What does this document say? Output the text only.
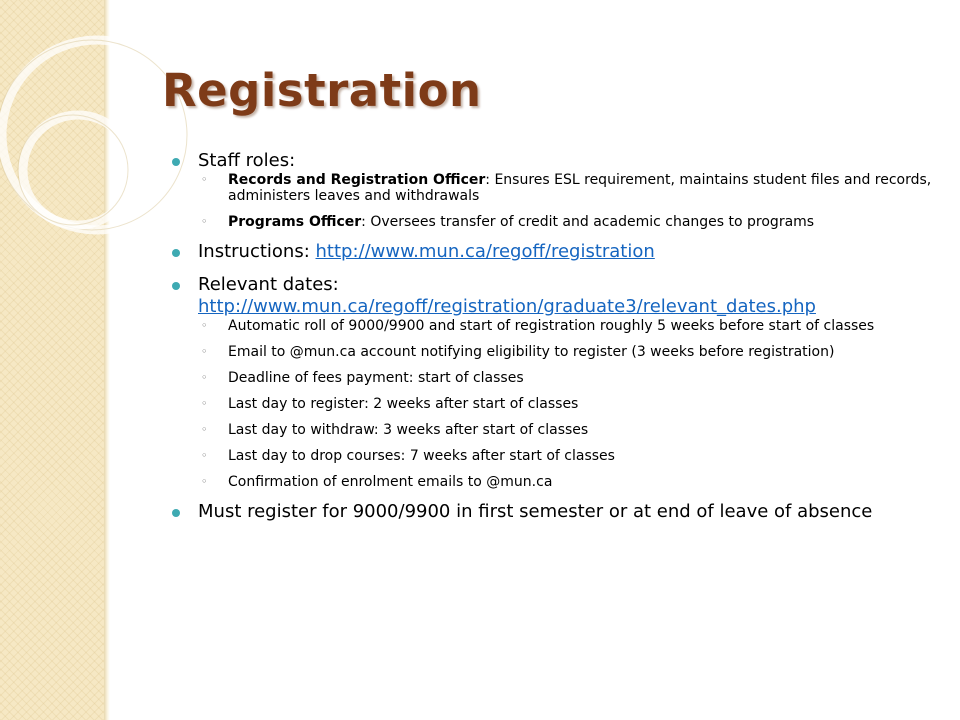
Registration
Staff roles:
◦ Records and Registration Officer: Ensures ESL requirement, maintains student files and records, administers leaves and withdrawals
◦ Programs Officer: Oversees transfer of credit and academic changes to programs
Instructions: http://www.mun.ca/regoff/registration
Relevant dates: http://www.mun.ca/regoff/registration/graduate3/relevant_dates.php
◦ Automatic roll of 9000/9900 and start of registration roughly 5 weeks before start of classes
◦ Email to @mun.ca account notifying eligibility to register (3 weeks before registration)
◦ Deadline of fees payment: start of classes
◦ Last day to register: 2 weeks after start of classes
◦ Last day to withdraw: 3 weeks after start of classes
◦ Last day to drop courses: 7 weeks after start of classes
◦ Confirmation of enrolment emails to @mun.ca
Must register for 9000/9900 in first semester or at end of leave of absence
